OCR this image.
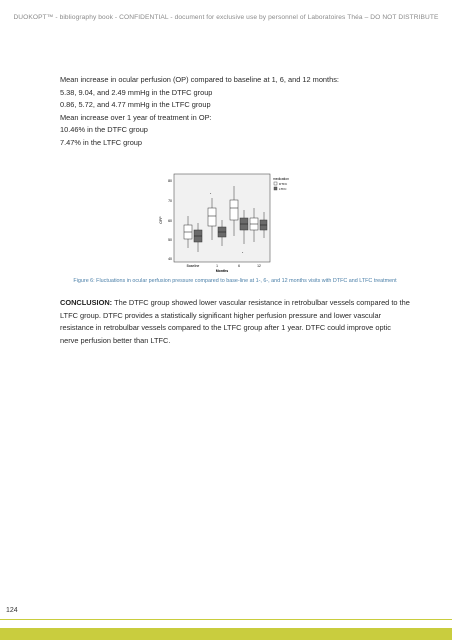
DUOKOPT™ - bibliography book - CONFIDENTIAL - document for exclusive use by personnel of Laboratoires Théa – DO NOT DISTRIBUTE

Mean increase in ocular perfusion (OP) compared to baseline at 1, 6, and 12 months:

5.38, 9.04, and 2.49 mmHg in the DTFC group

0.86, 5.72, and 4.77 mmHg in the LTFC group

Mean increase over 1 year of treatment in OP:

10.46% in the DTFC group

7.47% in the LTFC group

80
70
60
50
40
OPP
*
*
Baseline	1	6	12
Months
medication
DTFC
LTFC
Figure 6: Fluctuations in ocular perfusion pressure compared to base-line at 1-, 6-, and 12 months visits with DTFC and LTFC treatment

CONCLUSION: The DTFC group showed lower vascular resistance in retrobulbar vessels compared to the LTFC group. DTFC provides a statistically significant higher perfusion pressure and lower vascular resistance in retrobulbar vessels compared to the LTFC group after 1 year. DTFC could improve optic nerve perfusion better than LTFC.

124
